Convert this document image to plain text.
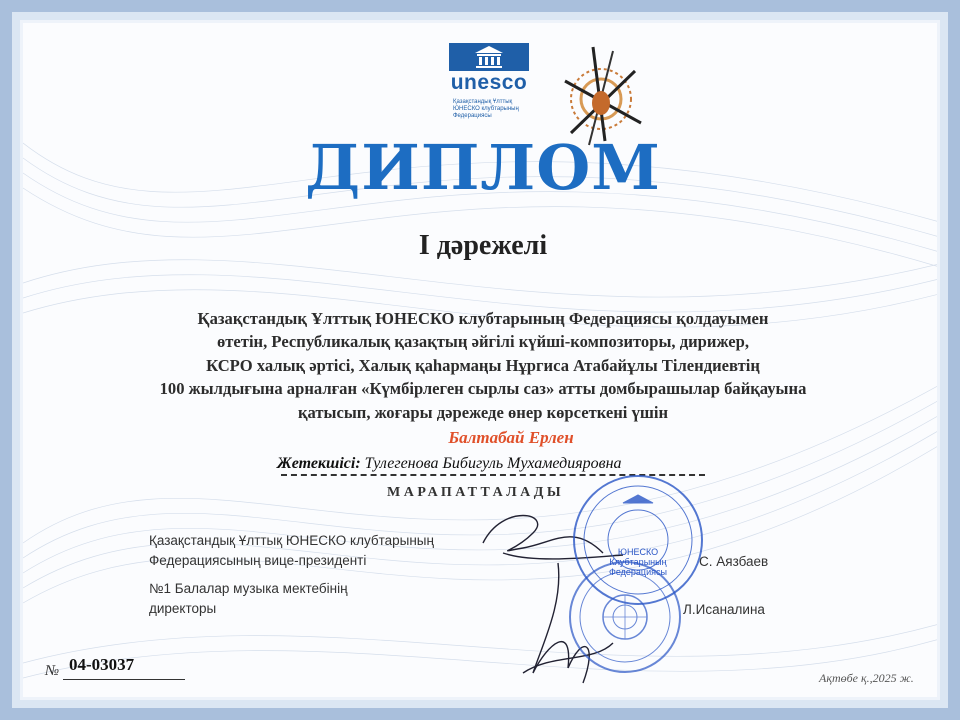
unesco
Қазақстандық Ұлттық
ЮНЕСКО клубтарының
Федерациясы
ДИПЛОМ
І дәрежелі
Қазақстандық Ұлттық ЮНЕСКО клубтарының Федерациясы қолдауымен
өтетін, Республикалық қазақтың әйгілі күйші-композиторы, дирижер,
КСРО халық әртісі, Халық қаһармаңы Нұргиса Атабайұлы Тілендиевтің
100 жылдығына арналған «Күмбірлеген сырлы саз» атты домбырашылар байқауына
қатысып, жоғары дәрежеде өнер көрсеткені үшін
Балтабай Ерлен
Жетекшісі: Тулегенова Бибигуль Мухамедияровна
МАРАПАТТАЛАДЫ
Қазақстандық Ұлттық ЮНЕСКО клубтарының
Федерациясының вице-президенті
№1 Балалар музыка мектебінің
директоры
С. Аязбаев
Л.Исаналина
ЮНЕСКО
Клубтарының
Федерациясы
№ 04-03037
Ақтөбе қ.,2025 ж.
